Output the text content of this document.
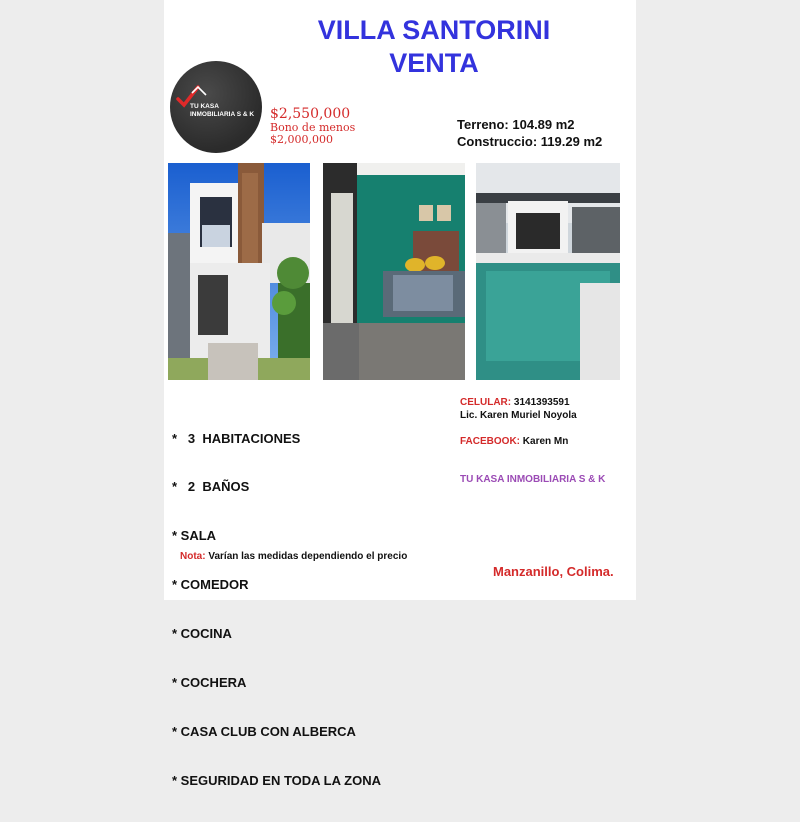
VILLA SANTORINI
VENTA
TU KASA
INMOBILIARIA S & K $2,550,000
Bono de menos
$2,000,000
Terreno: 104.89 m2
Construccio: 119.29 m2

*   3  HABITACIONES

*   2  BAÑOS

* SALA

* COMEDOR

* COCINA

* COCHERA

* CASA CLUB CON ALBERCA

* SEGURIDAD EN TODA LA ZONA

CELULAR: 3141393591
Lic. Karen Muriel Noyola
FACEBOOK: Karen Mn
TU KASA INMOBILIARIA S & K
Nota: Varían las medidas dependiendo el precio
Manzanillo, Colima.
